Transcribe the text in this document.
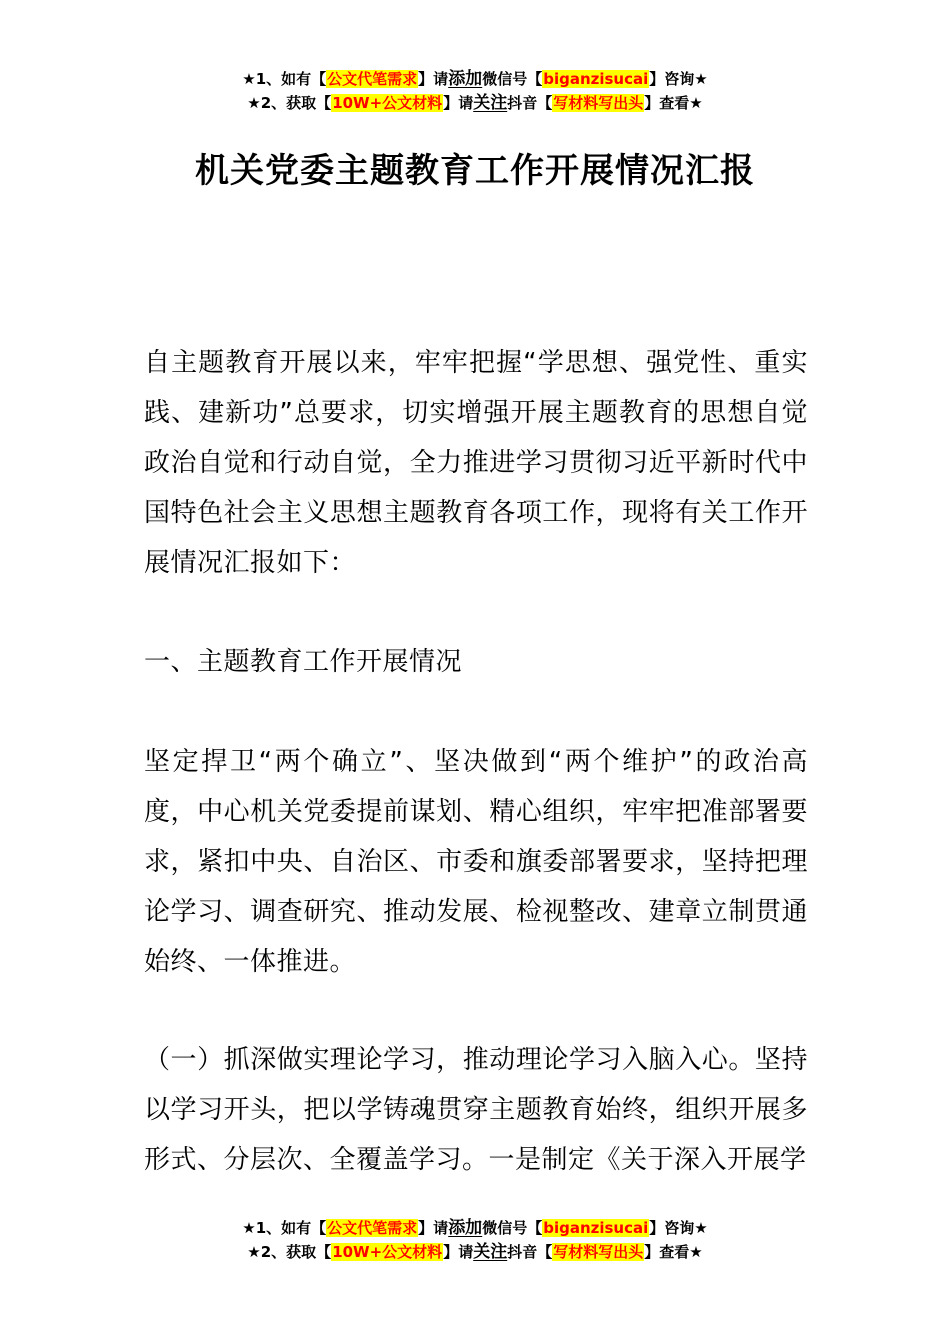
★1、如有【公文代笔需求】请添加微信号【biganzisucai】咨询★
★2、获取【10W+公文材料】请关注抖音【写材料写出头】查看★
机关党委主题教育工作开展情况汇报
自主题教育开展以来，牢牢把握“学思想、强党性、重实践、建新功”总要求，切实增强开展主题教育的思想自觉政治自觉和行动自觉，全力推进学习贯彻习近平新时代中国特色社会主义思想主题教育各项工作，现将有关工作开展情况汇报如下：
一、主题教育工作开展情况
坚定捍卫“两个确立”、坚决做到“两个维护”的政治高度，中心机关党委提前谋划、精心组织，牢牢把准部署要求，紧扣中央、自治区、市委和旗委部署要求，坚持把理论学习、调查研究、推动发展、检视整改、建章立制贯通始终、一体推进。
（一）抓深做实理论学习，推动理论学习入脑入心。坚持以学习开头，把以学铸魂贯穿主题教育始终，组织开展多形式、分层次、全覆盖学习。一是制定《关于深入开展学
★1、如有【公文代笔需求】请添加微信号【biganzisucai】咨询★
★2、获取【10W+公文材料】请关注抖音【写材料写出头】查看★
